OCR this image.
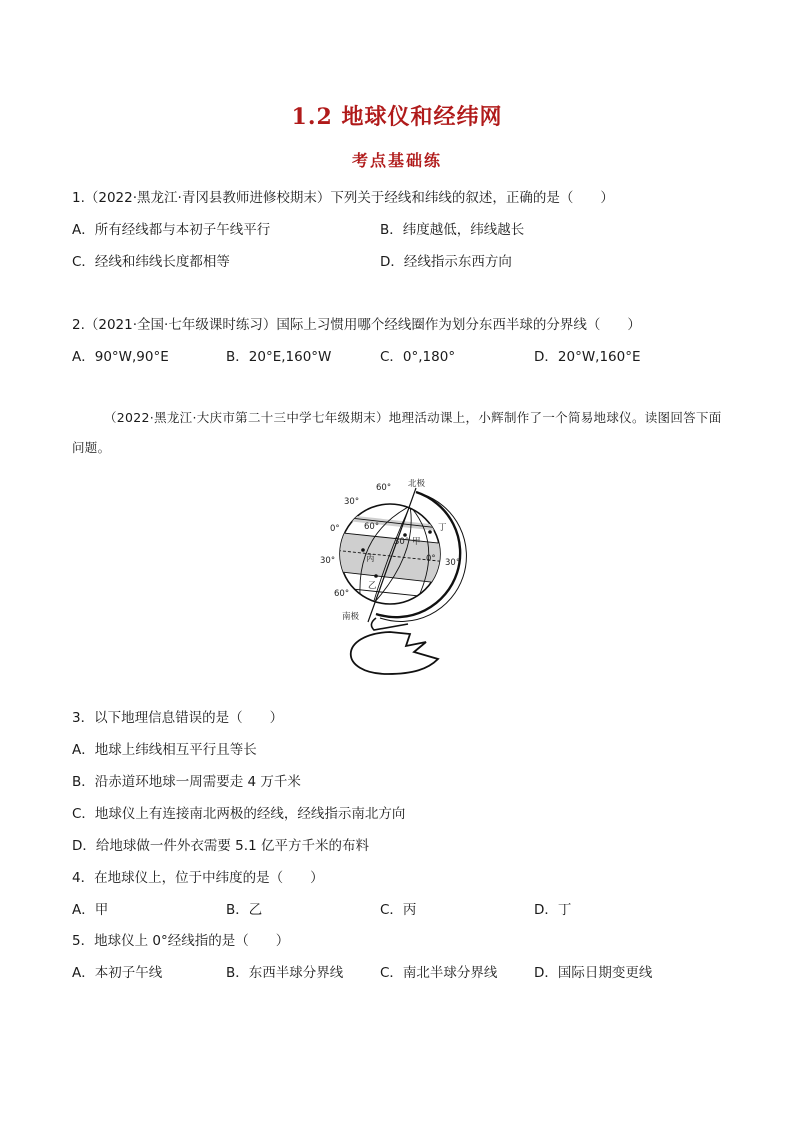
1.2 地球仪和经纬网
考点基础练
1.（2022·黑龙江·青冈县教师进修校期末）下列关于经线和纬线的叙述，正确的是（　　）
A．所有经线都与本初子午线平行	B．纬度越低，纬线越长
C．经线和纬线长度都相等	D．经线指示东西方向
2.（2021·全国·七年级课时练习）国际上习惯用哪个经线圈作为划分东西半球的分界线（　　）
A．90°W,90°E	B．20°E,160°W	C．0°,180°	D．20°W,160°E
（2022·黑龙江·大庆市第二十三中学七年级期末）地理活动课上，小辉制作了一个简易地球仪。读图回答下面问题。
60° 北极
30°
0°	60°	丁
30° 甲
丙	0° 30°
30°
乙
60°
南极
3．以下地理信息错误的是（　　）
A．地球上纬线相互平行且等长
B．沿赤道环地球一周需要走 4 万千米
C．地球仪上有连接南北两极的经线，经线指示南北方向
D．给地球做一件外衣需要 5.1 亿平方千米的布料
4．在地球仪上，位于中纬度的是（　　）
A．甲	B．乙	C．丙	D．丁
5．地球仪上 0°经线指的是（　　）
A．本初子午线	B．东西半球分界线	C．南北半球分界线	D．国际日期变更线
